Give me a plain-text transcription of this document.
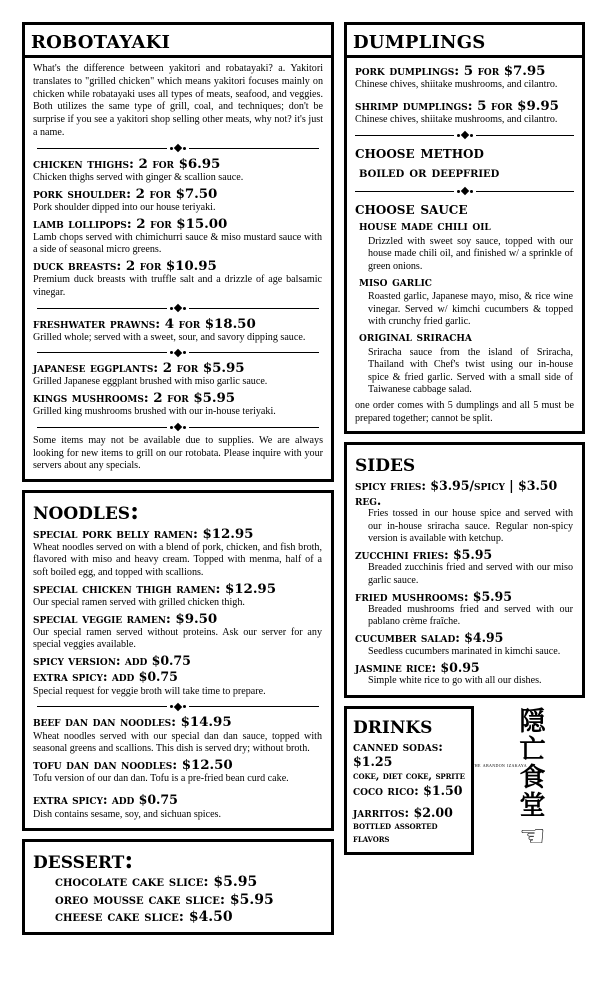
robotayaki
What's the difference between yakitori and robatayaki? a. Yakitori translates to "grilled chicken" which means yakitori focuses mainly on chicken while robatayaki uses all types of meats, seafood, and veggies. Both utilizes the same type of grill, coal, and techniques; don't be surprise if you see a yakitori shop selling other meats, why not? it's just a name.
chicken thighs: 2 for $6.95
Chicken thighs served with ginger & scallion sauce.
pork shoulder: 2 for $7.50
Pork shoulder dipped into our house teriyaki.
lamb lollipops: 2 for $15.00
Lamb chops served with chimichurri sauce & miso mustard sauce with a side of seasonal micro greens.
duck breasts: 2 for $10.95
Premium duck breasts with truffle salt and a drizzle of age balsamic vinegar.
freshwater prawns: 4 for $18.50
Grilled whole; served with a sweet, sour, and savory dipping sauce.
japanese eggplants: 2 for $5.95
Grilled Japanese eggplant brushed with miso garlic sauce.
kings mushrooms: 2 for $5.95
Grilled king mushrooms brushed with our in-house teriyaki.
Some items may not be available due to supplies. We are always looking for new items to grill on our rotobata. Please inquire with your servers about any specials.
noodles:
special pork belly ramen: $12.95
Wheat noodles served on with a blend of pork, chicken, and fish broth, flavored with miso and heavy cream. Topped with menma, half of a soft boiled egg, and topped with scallions.
special chicken thigh ramen: $12.95
Our special ramen served with grilled chicken thigh.
special veggie ramen: $9.50
Our special ramen served without proteins. Ask our server for any special veggies available.
spicy version: add $0.75
extra spicy: add $0.75
Special request for veggie broth will take time to prepare.
beef dan dan noodles: $14.95
Wheat noodles served with our special dan dan sauce, topped with seasonal greens and scallions. This dish is served dry; without broth.
tofu dan dan noodles: $12.50
Tofu version of our dan dan. Tofu is a pre-fried bean curd cake.
extra spicy: add $0.75
Dish contains sesame, soy, and sichuan spices.
dessert:
chocolate cake slice: $5.95
oreo mousse cake slice: $5.95
cheese cake slice: $4.50
dumplings
pork dumplings: 5 for $7.95
Chinese chives, shiitake mushrooms, and cilantro.
shrimp dumplings: 5 for $9.95
Chinese chives, shiitake mushrooms, and cilantro.
choose method
boiled or deepfried
choose sauce
house made chili oil
Drizzled with sweet soy sauce, topped with our house made chili oil, and finished w/ a sprinkle of green onions.
miso garlic
Roasted garlic, Japanese mayo, miso, & rice wine vinegar. Served w/ kimchi cucumbers & topped with crunchy fried garlic.
original sriracha
Sriracha sauce from the island of Sriracha, Thailand with Chef's twist using our in-house spice & fried garlic. Served with a small side of Taiwanese cabbage salad.
one order comes with 5 dumplings and all 5 must be prepared together; cannot be split.
sides
spicy fries: $3.95/spicy | $3.50 reg.
Fries tossed in our house spice and served with our in-house sriracha sauce. Regular non-spicy version is available with ketchup.
zucchini fries: $5.95
Breaded zucchinis fried and served with our miso garlic sauce.
fried mushrooms: $5.95
Breaded mushrooms fried and served with our pablano crème fraîche.
cucumber salad: $4.95
Seedless cucumbers marinated in kimchi sauce.
jasmine rice: $0.95
Simple white rice to go with all our dishes.
drinks
canned sodas: $1.25
coke, diet coke, sprite
coco rico: $1.50
jarritos: $2.00
bottled assorted flavors
隠
亡
食
堂
the abandon izakaya
☜
